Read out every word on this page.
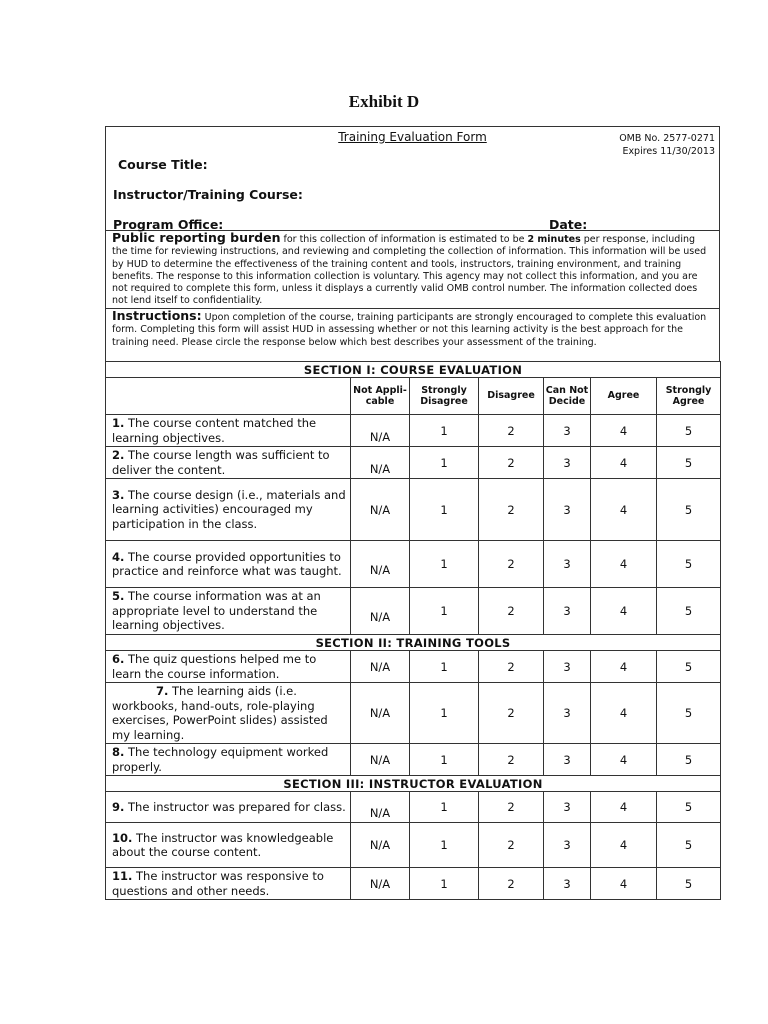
Exhibit D
Training Evaluation Form	OMB No. 2577-0271
Expires 11/30/2013
Course Title:
Instructor/Training Course:
Program Office:	Date:
Public reporting burden for this collection of information is estimated to be 2 minutes per response, including the time for reviewing instructions, and reviewing and completing the collection of information. This information will be used by HUD to determine the effectiveness of the training content and tools, instructors, training environment, and training benefits. The response to this information collection is voluntary. This agency may not collect this information, and you are not required to complete this form, unless it displays a currently valid OMB control number. The information collected does not lend itself to confidentiality.
Instructions: Upon completion of the course, training participants are strongly encouraged to complete this evaluation form. Completing this form will assist HUD in assessing whether or not this learning activity is the best approach for the training need. Please circle the response below which best describes your assessment of the training.
SECTION I: COURSE EVALUATION						
	Not Appli-cable	Strongly Disagree	Disagree	Can Not Decide	Agree	Strongly Agree
1. The course content matched the learning objectives.	N/A	1	2	3	4	5
2. The course length was sufficient to deliver the content.	N/A	1	2	3	4	5
3. The course design (i.e., materials and learning activities) encouraged my participation in the class.	N/A	1	2	3	4	5
4. The course provided opportunities to practice and reinforce what was taught.	N/A	1	2	3	4	5
5. The course information was at an appropriate level to understand the learning objectives.	N/A	1	2	3	4	5
SECTION II: TRAINING TOOLS						
6. The quiz questions helped me to learn the course information.	N/A	1	2	3	4	5
7. The learning aids (i.e. workbooks, hand-outs, role-playing exercises, PowerPoint slides) assisted my learning.	N/A	1	2	3	4	5
8. The technology equipment worked properly.	N/A	1	2	3	4	5
SECTION III: INSTRUCTOR EVALUATION						
9. The instructor was prepared for class.	N/A	1	2	3	4	5
10. The instructor was knowledgeable about the course content.	N/A	1	2	3	4	5
11. The instructor was responsive to questions and other needs.	N/A	1	2	3	4	5
